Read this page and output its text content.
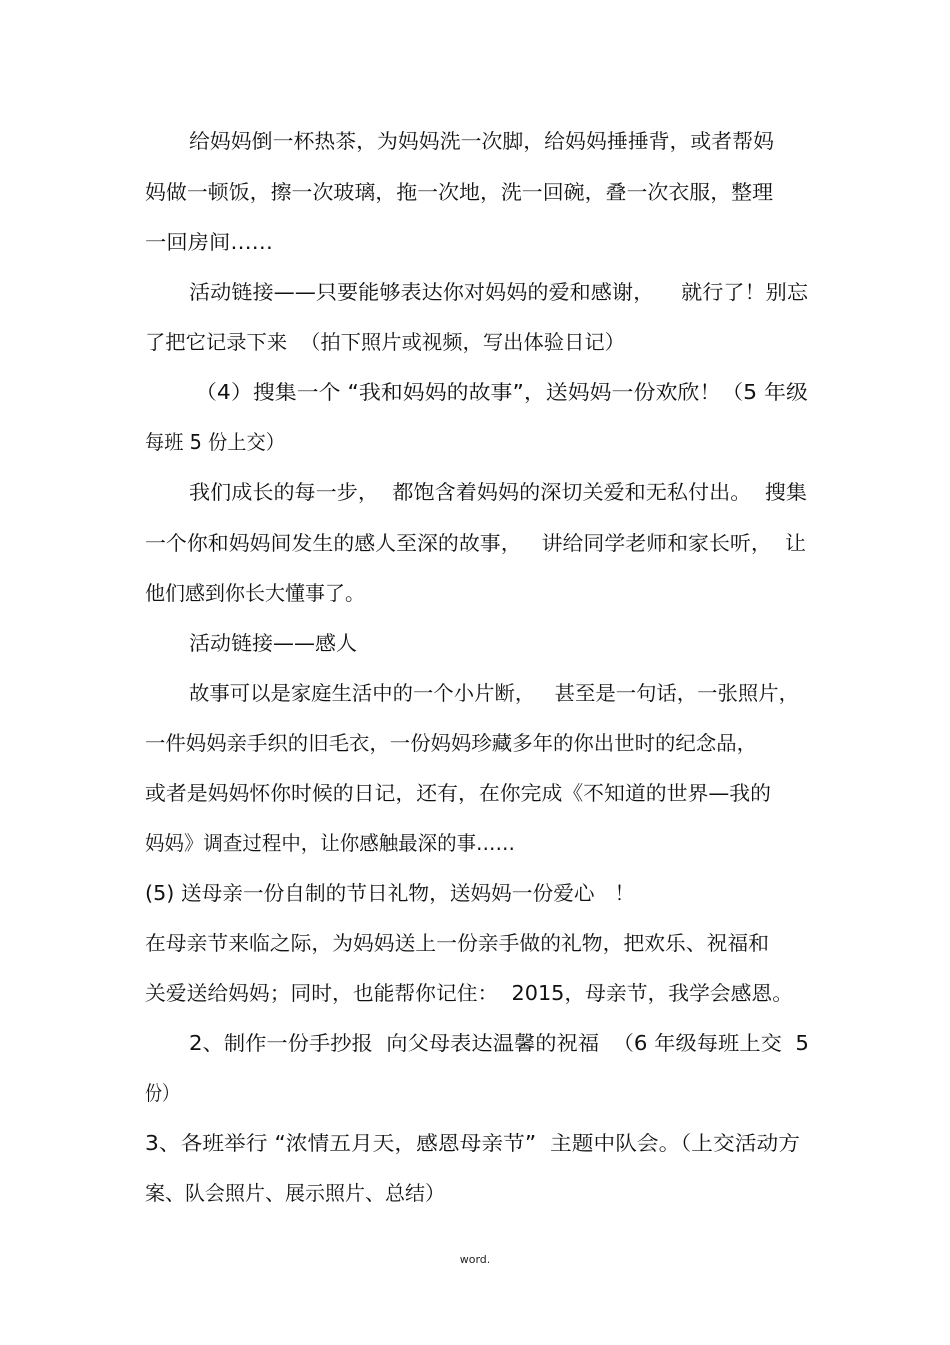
给妈妈倒一杯热茶，为妈妈洗一次脚，给妈妈捶捶背，或者帮妈
妈做一顿饭，擦一次玻璃，拖一次地，洗一回碗，叠一次衣服，整理
一回房间……
活动链接——只要能够表达你对妈妈的爱和感谢，    就行了！别忘
了把它记录下来  （拍下照片或视频，写出体验日记）
（4）搜集一个 “我和妈妈的故事”，送妈妈一份欢欣！（5 年级
每班 5 份上交）
我们成长的每一步，  都饱含着妈妈的深切关爱和无私付出。  搜集
一个你和妈妈间发生的感人至深的故事，   讲给同学老师和家长听，  让
他们感到你长大懂事了。
活动链接——感人
故事可以是家庭生活中的一个小片断，   甚至是一句话，一张照片，
一件妈妈亲手织的旧毛衣，一份妈妈珍藏多年的你出世时的纪念品，
或者是妈妈怀你时候的日记，还有，在你完成《不知道的世界—我的
妈妈》调查过程中，让你感触最深的事……
(5) 送母亲一份自制的节日礼物，送妈妈一份爱心   ！
在母亲节来临之际，为妈妈送上一份亲手做的礼物，把欢乐、祝福和
关爱送给妈妈；同时，也能帮你记住：  2015，母亲节，我学会感恩。
2、制作一份手抄报  向父母表达温馨的祝福  （6 年级每班上交  5
份）
3、各班举行 “浓情五月天，感恩母亲节”  主题中队会。（上交活动方
案、队会照片、展示照片、总结）
word.
